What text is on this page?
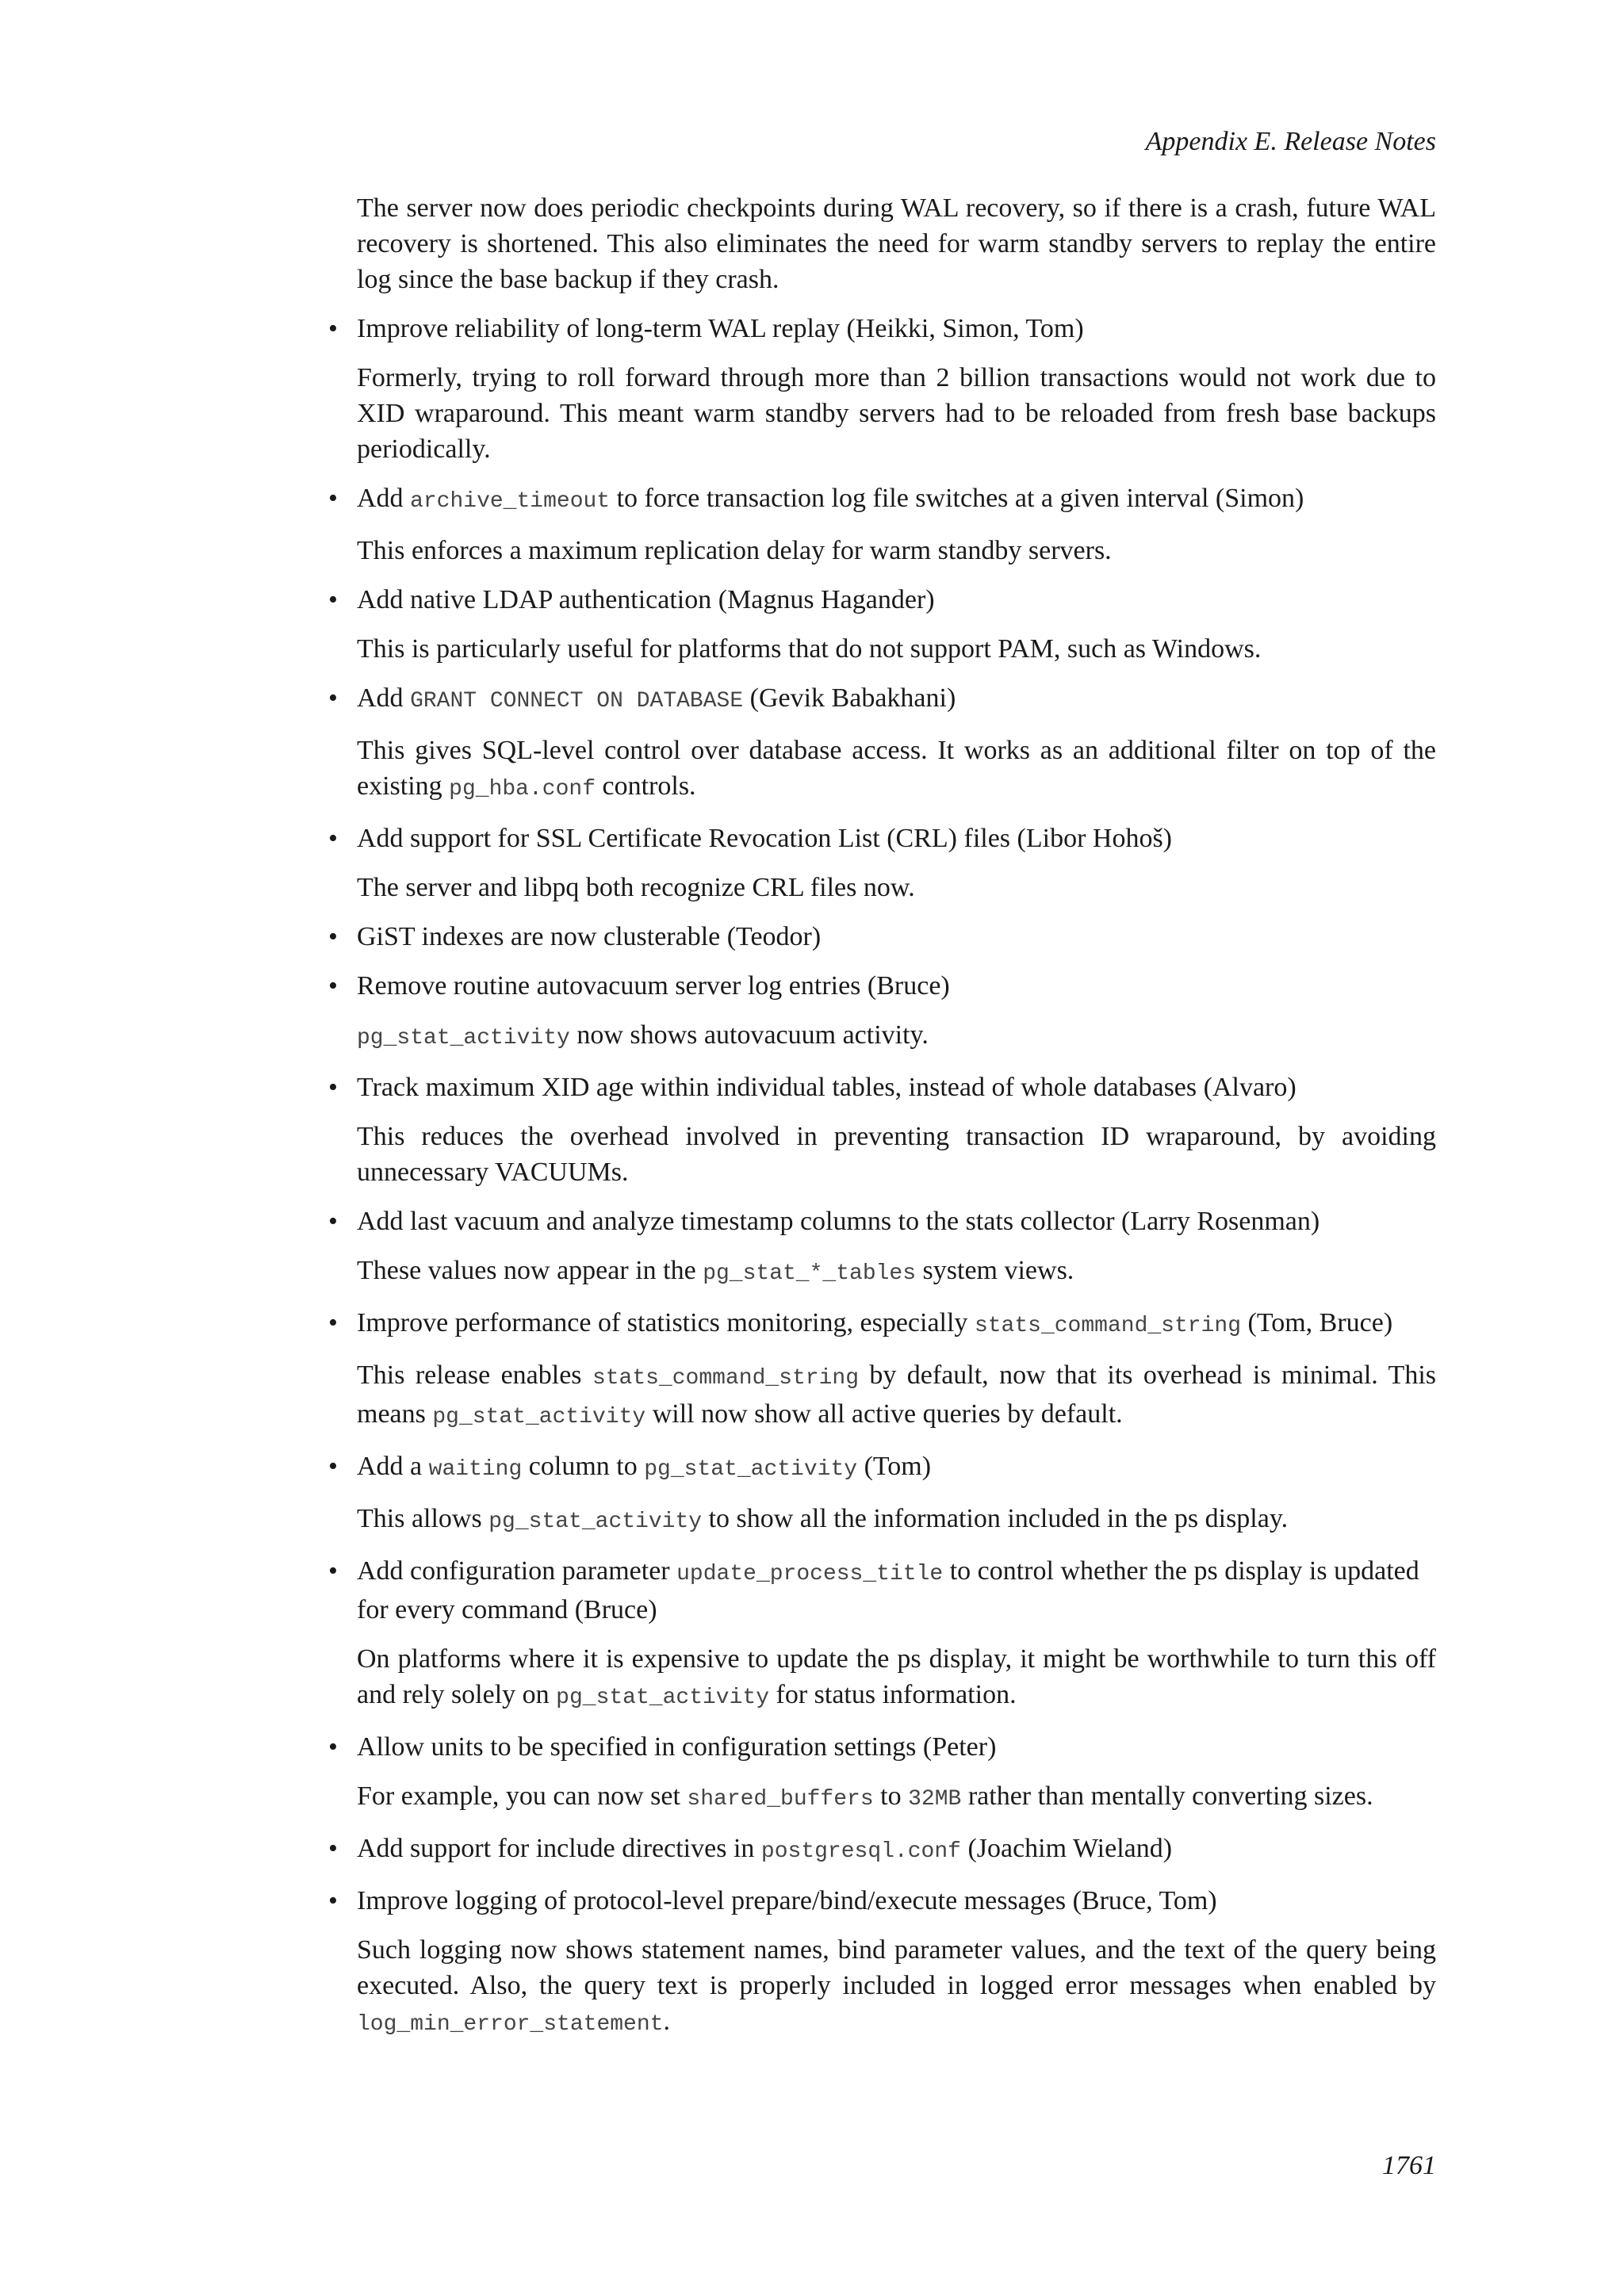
Appendix E. Release Notes

The server now does periodic checkpoints during WAL recovery, so if there is a crash, future WAL recovery is shortened. This also eliminates the need for warm standby servers to replay the entire log since the base backup if they crash.

• Improve reliability of long-term WAL replay (Heikki, Simon, Tom)

Formerly, trying to roll forward through more than 2 billion transactions would not work due to XID wraparound. This meant warm standby servers had to be reloaded from fresh base backups periodically.

• Add archive_timeout to force transaction log file switches at a given interval (Simon)

This enforces a maximum replication delay for warm standby servers.

• Add native LDAP authentication (Magnus Hagander)

This is particularly useful for platforms that do not support PAM, such as Windows.

• Add GRANT CONNECT ON DATABASE (Gevik Babakhani)

This gives SQL-level control over database access. It works as an additional filter on top of the existing pg_hba.conf controls.

• Add support for SSL Certificate Revocation List (CRL) files (Libor Hohoš)

The server and libpq both recognize CRL files now.

• GiST indexes are now clusterable (Teodor)

• Remove routine autovacuum server log entries (Bruce)

pg_stat_activity now shows autovacuum activity.

• Track maximum XID age within individual tables, instead of whole databases (Alvaro)

This reduces the overhead involved in preventing transaction ID wraparound, by avoiding unnecessary VACUUMs.

• Add last vacuum and analyze timestamp columns to the stats collector (Larry Rosenman)

These values now appear in the pg_stat_*_tables system views.

• Improve performance of statistics monitoring, especially stats_command_string (Tom, Bruce)

This release enables stats_command_string by default, now that its overhead is minimal. This means pg_stat_activity will now show all active queries by default.

• Add a waiting column to pg_stat_activity (Tom)

This allows pg_stat_activity to show all the information included in the ps display.

• Add configuration parameter update_process_title to control whether the ps display is updated for every command (Bruce)

On platforms where it is expensive to update the ps display, it might be worthwhile to turn this off and rely solely on pg_stat_activity for status information.

• Allow units to be specified in configuration settings (Peter)

For example, you can now set shared_buffers to 32MB rather than mentally converting sizes.

• Add support for include directives in postgresql.conf (Joachim Wieland)

• Improve logging of protocol-level prepare/bind/execute messages (Bruce, Tom)

Such logging now shows statement names, bind parameter values, and the text of the query being executed. Also, the query text is properly included in logged error messages when enabled by log_min_error_statement.

1761
